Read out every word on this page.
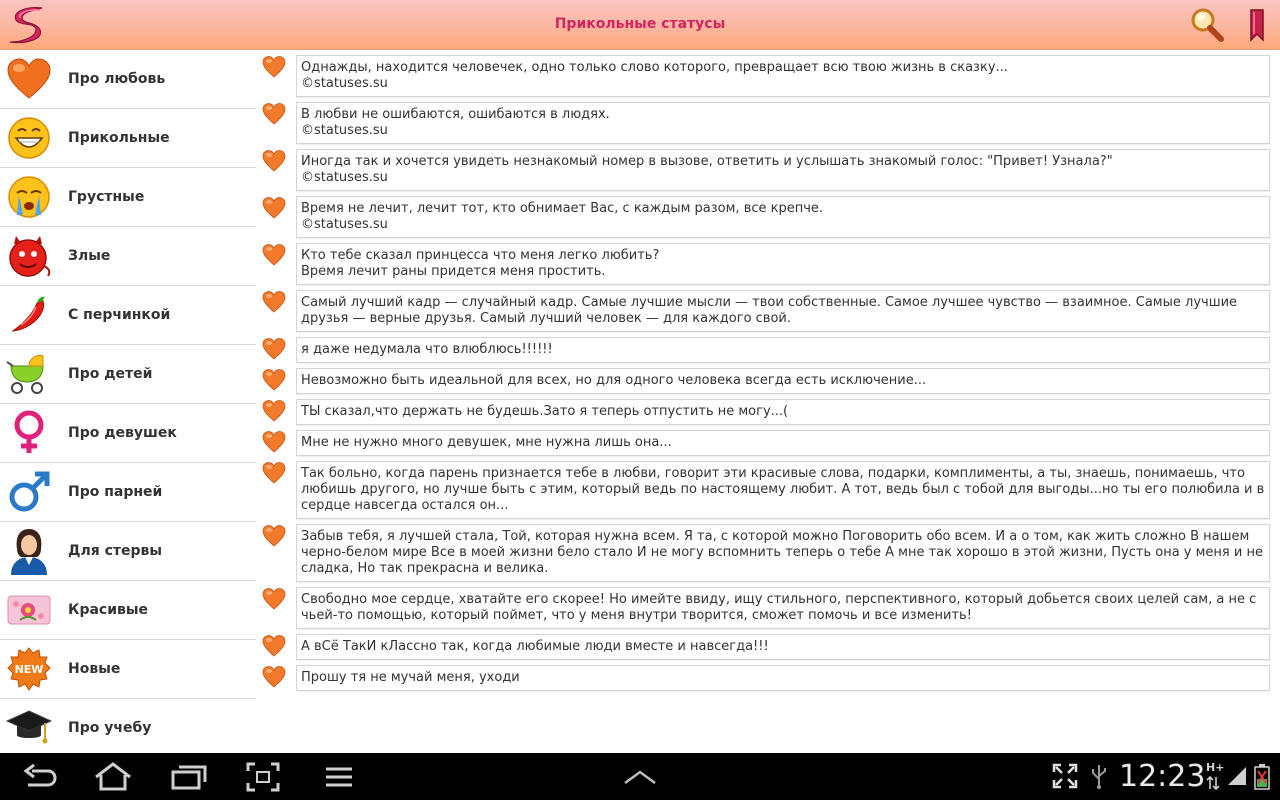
Прикольные статусы
Про любовь
Прикольные
Грустные
Злые
С перчинкой
Про детей
Про девушек
Про парней
Для стервы
Красивые
NEW Новые
Про учебу
Однажды, находится человечек, одно только слово которого, превращает всю твою жизнь в сказку...
©statuses.su
В любви не ошибаются, ошибаются в людях.
©statuses.su
Иногда так и хочется увидеть незнакомый номер в вызове, ответить и услышать знакомый голос: "Привет! Узнала?"
©statuses.su
Время не лечит, лечит тот, кто обнимает Вас, с каждым разом, все крепче.
©statuses.su
Кто тебе сказал принцесса что меня легко любить?
Время лечит раны придется меня простить.
Самый лучший кадр — случайный кадр. Самые лучшие мысли — твои собственные. Самое лучшее чувство — взаимное. Самые лучшие друзья — верные друзья. Самый лучший человек — для каждого свой.
я даже недумала что влюблюсь!!!!!!
Невозможно быть идеальной для всех, но для одного человека всегда есть исключение...
ТЫ сказал,что держать не будешь.Зато я теперь отпустить не могу...(
Мне не нужно много девушек, мне нужна лишь она...
Так больно, когда парень признается тебе в любви, говорит эти красивые слова, подарки, комплименты, а ты, знаешь, понимаешь, что любишь другого, но лучше быть с этим, который ведь по настоящему любит. А тот, ведь был с тобой для выгоды...но ты его полюбила и в сердце навсегда остался он...
Забыв тебя, я лучшей стала, Той, которая нужна всем. Я та, с которой можно Поговорить обо всем. И а о том, как жить сложно В нашем черно-белом мире Все в моей жизни бело стало И не могу вспомнить теперь о тебе А мне так хорошо в этой жизни, Пусть она у меня и не сладка, Но так прекрасна и велика.
Свободно мое сердце, хватайте его скорее! Но имейте ввиду, ищу стильного, перспективного, который добьется своих целей сам, а не с чьей-то помощью, который поймет, что у меня внутри творится, сможет помочь и все изменить!
А вСё ТакИ кЛассно так, когда любимые люди вместе и навсегда!!!
Прошу тя не мучай меня, уходи
12:23 H+
